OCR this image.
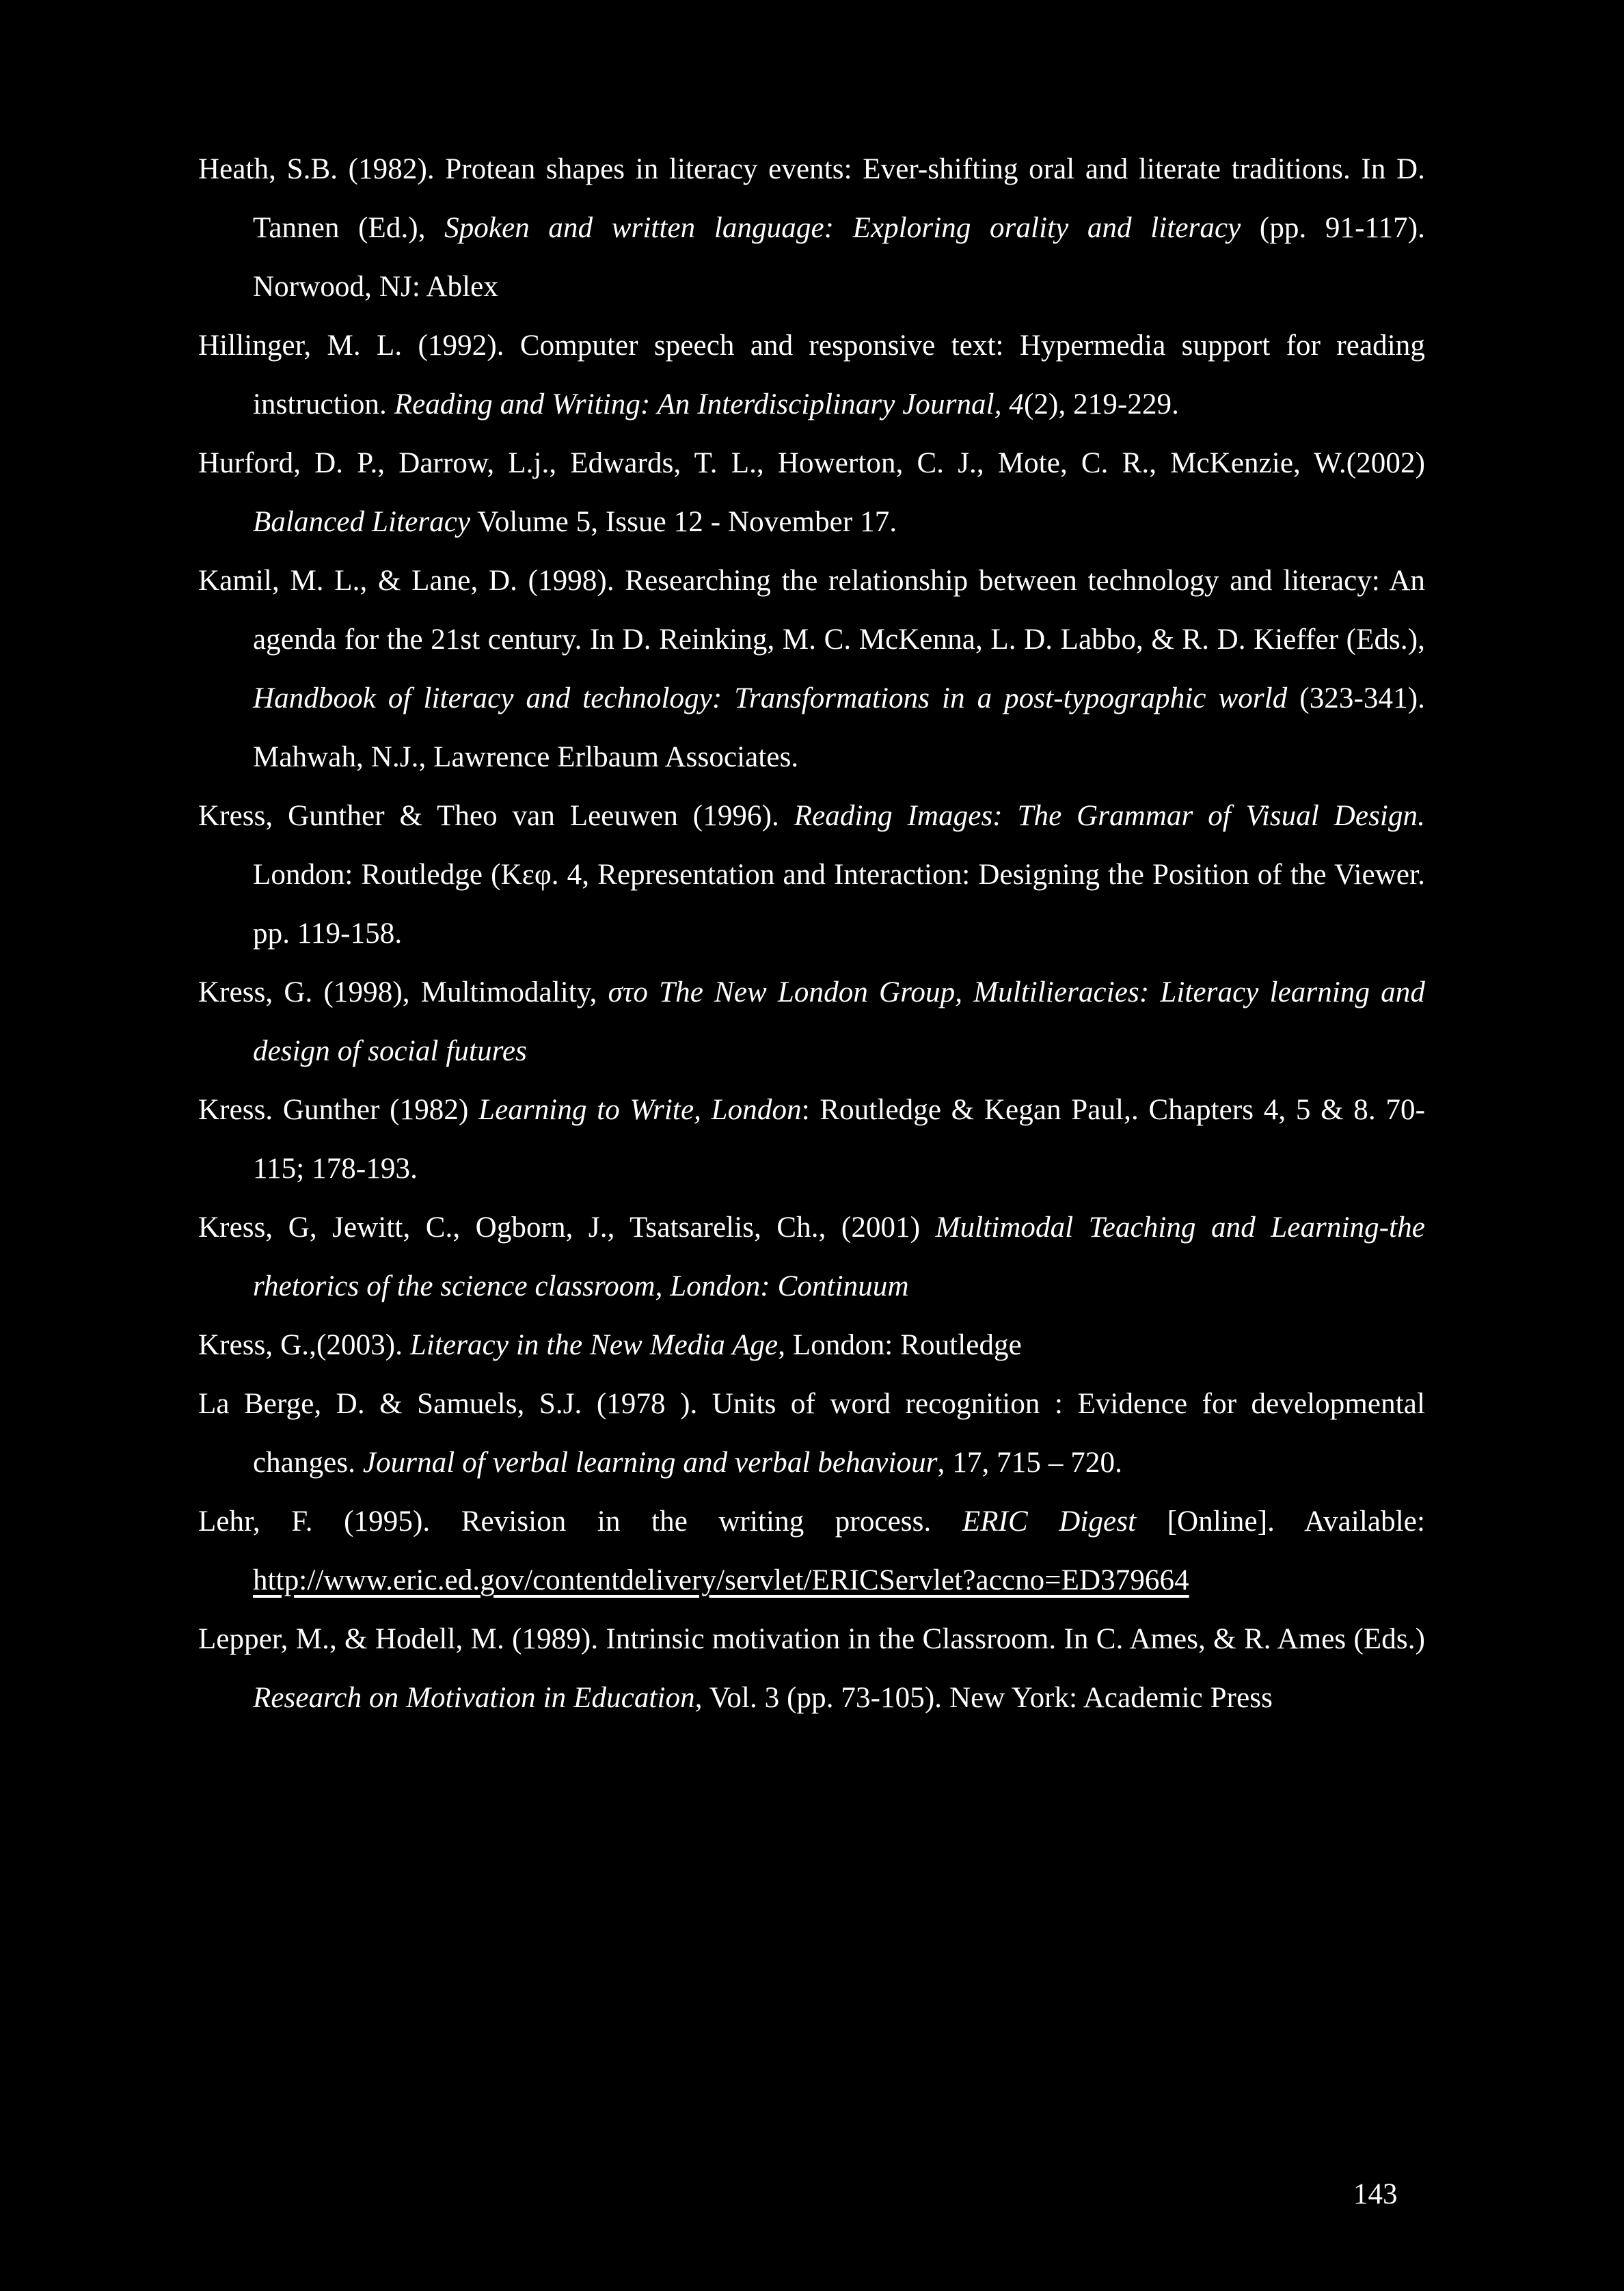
Heath, S.B. (1982). Protean shapes in literacy events: Ever-shifting oral and literate traditions. In D. Tannen (Ed.), Spoken and written language: Exploring orality and literacy (pp. 91-117). Norwood, NJ: Ablex

Hillinger, M. L. (1992). Computer speech and responsive text: Hypermedia support for reading instruction. Reading and Writing: An Interdisciplinary Journal, 4(2), 219-229.

Hurford, D. P., Darrow, L.j., Edwards, T. L., Howerton, C. J., Mote, C. R., McKenzie, W.(2002) Balanced Literacy Volume 5, Issue 12 - November 17.

Kamil, M. L., & Lane, D. (1998). Researching the relationship between technology and literacy: An agenda for the 21st century. In D. Reinking, M. C. McKenna, L. D. Labbo, & R. D. Kieffer (Eds.), Handbook of literacy and technology: Transformations in a post-typographic world (323-341). Mahwah, N.J., Lawrence Erlbaum Associates.

Kress, Gunther & Theo van Leeuwen (1996). Reading Images: The Grammar of Visual Design. London: Routledge (Κεφ. 4, Representation and Interaction: Designing the Position of the Viewer. pp. 119-158.

Kress, G. (1998), Multimodality, στο The New London Group, Multilieracies: Literacy learning and design of social futures

Kress. Gunther (1982) Learning to Write, London: Routledge & Kegan Paul,. Chapters 4, 5 & 8. 70-115; 178-193.

Kress, G, Jewitt, C., Ogborn, J., Tsatsarelis, Ch., (2001) Multimodal Teaching and Learning-the rhetorics of the science classroom, London: Continuum

Kress, G.,(2003). Literacy in the New Media Age, London: Routledge

La Berge, D. & Samuels, S.J. (1978 ). Units of word recognition : Evidence for developmental changes. Journal of verbal learning and verbal behaviour, 17, 715 – 720.

Lehr, F. (1995). Revision in the writing process. ERIC Digest [Online]. Available: http://www.eric.ed.gov/contentdelivery/servlet/ERICServlet?accno=ED379664

Lepper, M., & Hodell, M. (1989). Intrinsic motivation in the Classroom. In C. Ames, & R. Ames (Eds.) Research on Motivation in Education, Vol. 3 (pp. 73-105). New York: Academic Press

143
